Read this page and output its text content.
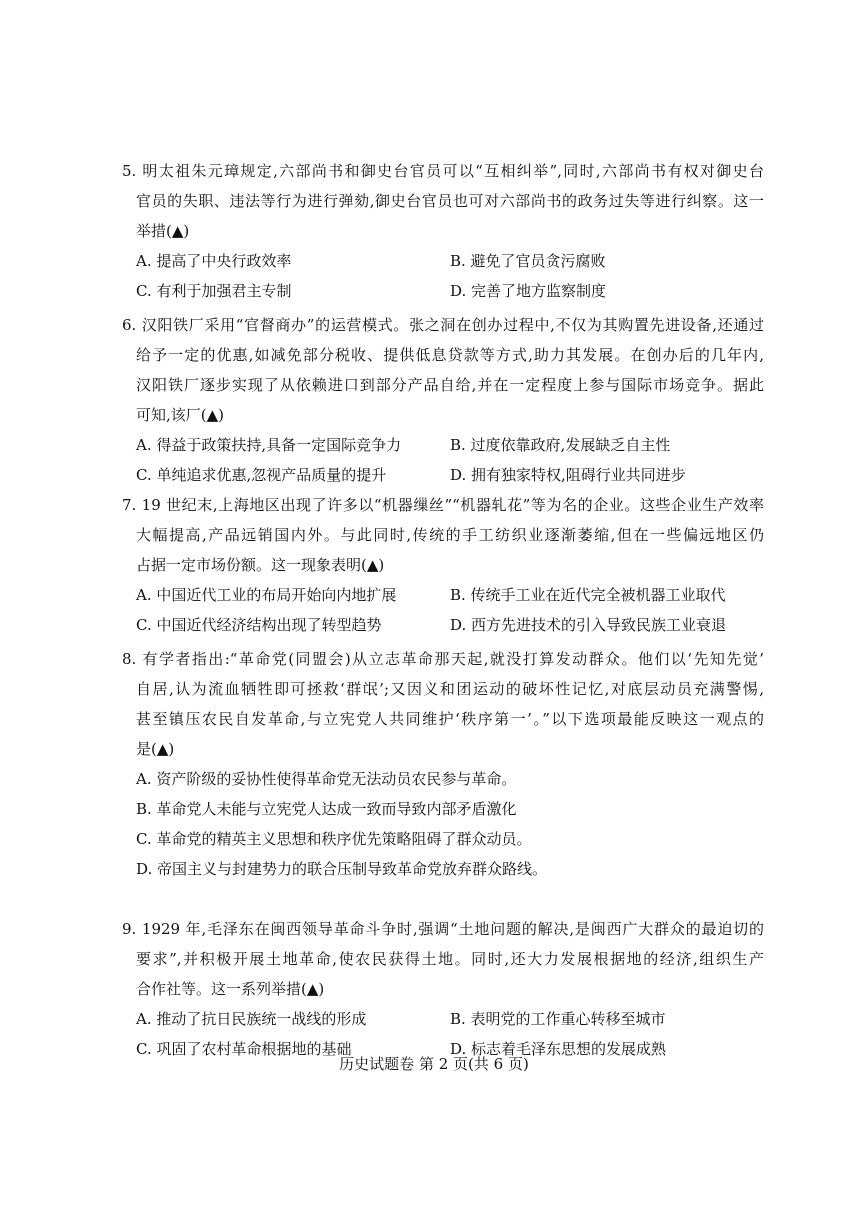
5. 明太祖朱元璋规定,六部尚书和御史台官员可以“互相纠举”,同时,六部尚书有权对御史台
官员的失职、违法等行为进行弹劾,御史台官员也可对六部尚书的政务过失等进行纠察。这一
举措(▲)
A. 提高了中央行政效率	B. 避免了官员贪污腐败
C. 有利于加强君主专制	D. 完善了地方监察制度
6. 汉阳铁厂采用“官督商办”的运营模式。张之洞在创办过程中,不仅为其购置先进设备,还通过
给予一定的优惠,如减免部分税收、提供低息贷款等方式,助力其发展。在创办后的几年内,
汉阳铁厂逐步实现了从依赖进口到部分产品自给,并在一定程度上参与国际市场竞争。据此
可知,该厂(▲)
A. 得益于政策扶持,具备一定国际竞争力	B. 过度依靠政府,发展缺乏自主性
C. 单纯追求优惠,忽视产品质量的提升	D. 拥有独家特权,阻碍行业共同进步
7. 19 世纪末,上海地区出现了许多以“机器缫丝”“机器轧花”等为名的企业。这些企业生产效率
大幅提高,产品远销国内外。与此同时,传统的手工纺织业逐渐萎缩,但在一些偏远地区仍
占据一定市场份额。这一现象表明(▲)
A. 中国近代工业的布局开始向内地扩展	B. 传统手工业在近代完全被机器工业取代
C. 中国近代经济结构出现了转型趋势	D. 西方先进技术的引入导致民族工业衰退
8. 有学者指出:“革命党(同盟会)从立志革命那天起,就没打算发动群众。他们以‘先知先觉’
自居,认为流血牺牲即可拯救‘群氓’;又因义和团运动的破坏性记忆,对底层动员充满警惕,
甚至镇压农民自发革命,与立宪党人共同维护‘秩序第一’。”以下选项最能反映这一观点的
是(▲)
A. 资产阶级的妥协性使得革命党无法动员农民参与革命。
B. 革命党人未能与立宪党人达成一致而导致内部矛盾激化
C. 革命党的精英主义思想和秩序优先策略阻碍了群众动员。
D. 帝国主义与封建势力的联合压制导致革命党放弃群众路线。
9. 1929 年,毛泽东在闽西领导革命斗争时,强调“土地问题的解决,是闽西广大群众的最迫切的
要求”,并积极开展土地革命,使农民获得土地。同时,还大力发展根据地的经济,组织生产
合作社等。这一系列举措(▲)
A. 推动了抗日民族统一战线的形成	B. 表明党的工作重心转移至城市
C. 巩固了农村革命根据地的基础	D. 标志着毛泽东思想的发展成熟
历史试题卷 第 2 页(共 6 页)
